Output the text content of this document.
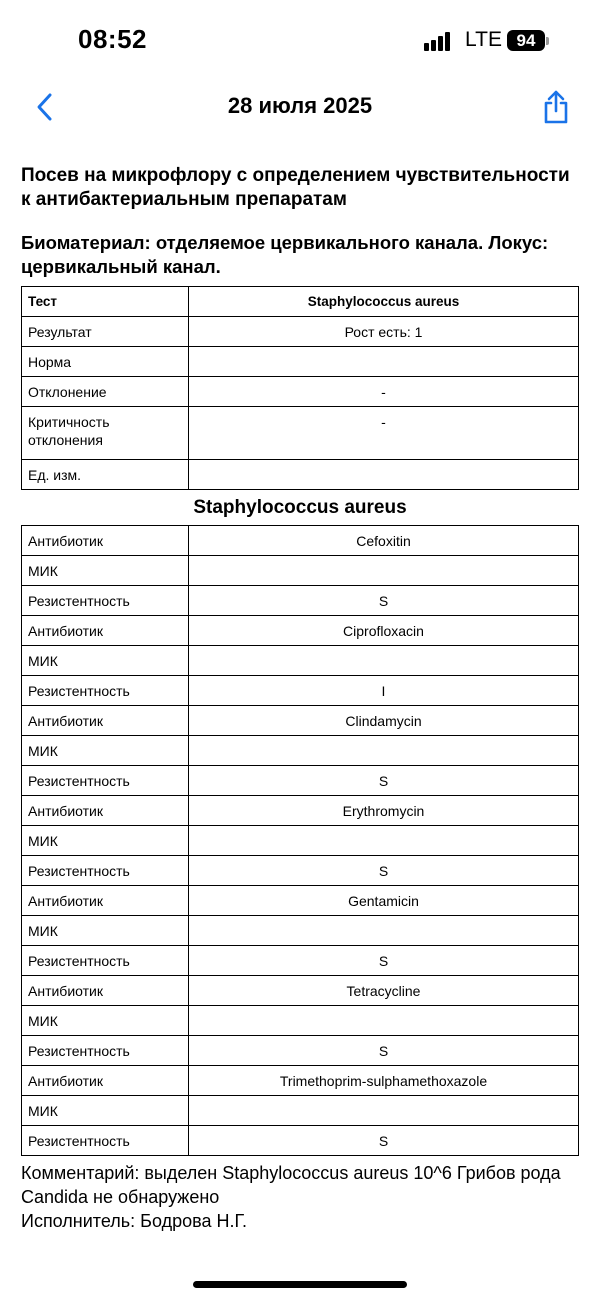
08:52	LTE 94
28 июля 2025
Посев на микрофлору с определением чувствительности к антибактериальным препаратам
Биоматериал: отделяемое цервикального канала. Локус: цервикальный канал.
Тест	Staphylococcus aureus
Результат	Рост есть: 1
Норма	
Отклонение	-
Критичность отклонения	-
Ед. изм.	
Staphylococcus aureus
Антибиотик	Cefoxitin
МИК	
Резистентность	S
Антибиотик	Ciprofloxacin
МИК	
Резистентность	I
Антибиотик	Clindamycin
МИК	
Резистентность	S
Антибиотик	Erythromycin
МИК	
Резистентность	S
Антибиотик	Gentamicin
МИК	
Резистентность	S
Антибиотик	Tetracycline
МИК	
Резистентность	S
Антибиотик	Trimethoprim-sulphamethoxazole
МИК	
Резистентность	S
Комментарий: выделен Staphylococcus aureus 10^6 Грибов рода Candida не обнаружено
Исполнитель: Бодрова Н.Г.
